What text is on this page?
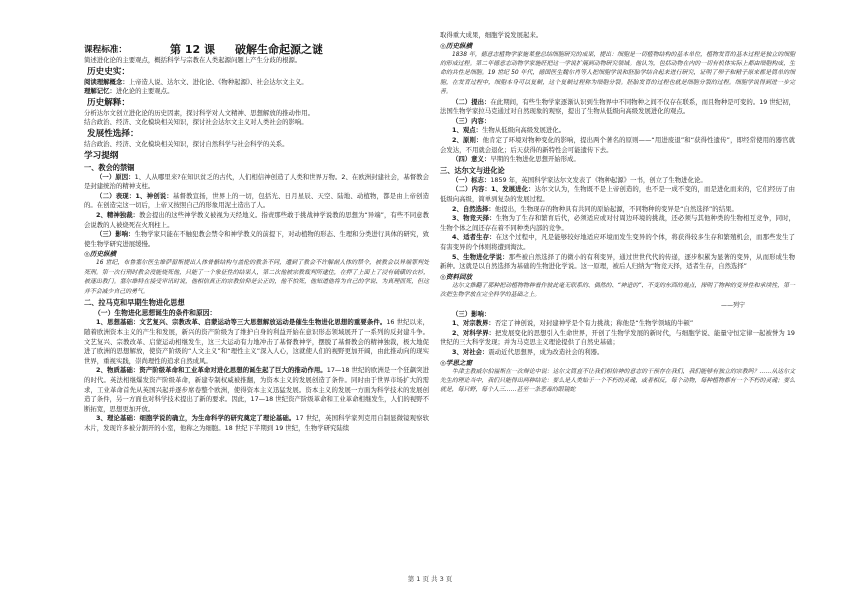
第 12 课 破解生命起源之谜
课程标准：
简述进化论的主要观点，概括科学与宗教在人类起源问题上产生分歧的根源。
历史史实：
阅读理解概念：上帝造人说、达尔文、进化论、《物种起源》、社会达尔文主义。
理解记忆：进化论的主要观点。
历史解释：
分析达尔文创立进化论的历史因素，探讨科学对人文精神、思想解放的推动作用。
结合政治、经济、文化模块相关知识，探讨社会达尔文主义对人类社会的影响。
发展性选择：
结合政治、经济、文化模块相关知识，探讨自然科学与社会科学的关系。
学习提纲
一、教会的禁锢
（一）原因：1、人从哪里来?在知识贫乏的古代，人们相信神创造了人类和世界万物。2、在欧洲封建社会，基督教会是封建统治的精神支柱。
（二）表现：1、神创说：基督教宣扬，世界上的一切，包括光、日月星辰、天空、陆地、动植物，都是由上帝创造的。在创造完这一切后，上帝又按照自己的形象用泥土造出了人。
2、精神独裁：教会提出的这些神学教义被视为天经地义。指责那些敢于挑战神学说教的思想为“异端”，有些不同意教会说教的人被烧死在火刑柱上。
（三）影响：生物学家只能在不触犯教会禁令和神学教义的前提下，对动植物的形态、生理和分类进行具体的研究，致使生物学研究进展缓慢。
◎历史纵横
16 世纪，布鲁塞尔医生维萨留斯提出人体骨骼结构与盖伦的教条不同，遭到了教会不许解剖人体的禁令，被教会以异端罪判处死刑。第一次行刑时教会没能烧死他，只能了一个象征性的结果人，第二次他被宗教裁判所逮住，在押了上面上了浸有硫磺的衣衫，被逐出教门。塞尔维特在接受审讯时说，他相信真正的宗教信仰是公正的，他不怕死，他知道他将为自己的学说、为真理而死，但这并不会减少自己的勇气。
二、拉马克和早期生物进化思想
（一）生物进化思想诞生的条件和原因：
1、思想基础：文艺复兴、宗教改革、启蒙运动等三大思想解放运动是催生生物进化思想的重要条件。16 世纪以来，随着欧洲资本主义的产生和发展，新兴的资产阶级为了维护自身的利益开始在意识形态领域展开了一系列的反封建斗争。文艺复兴、宗教改革、启蒙运动相继发生，这三大运动有力地冲击了基督教神学，摆脱了基督教会的精神独裁，极大地促进了欧洲的思想解放，使资产阶级的“人文主义”和“理性主义”深入人心，这就使人们的视野更加开阔，由此推动向的现实世界，重视实践，崇尚理性的追求自然成风。
2、物质基础：资产阶级革命和工业革命对进化思想的诞生起了巨大的推动作用。17—18 世纪的欧洲是一个狂飙突进的时代。英法相继爆发资产阶级革命，新建专制权威被推翻，为资本主义的发展创造了条件。同时由于世界市场扩大的需求，工业革命首先从英国兴起并逐步席卷整个欧洲，使得资本主义迅猛发展。资本主义的发展一方面为科学技术的发展创造了条件，另一方面也对科学技术提出了新的要求。因此，17—18 世纪资产阶级革命和工业革命相继发生，人们的视野不断拓宽，思想更加开放。
3、理论基础：细胞学说的确立，为生命科学的研究奠定了理论基础。17 世纪，英国科学家列克用自制显微镜观察软木片，发现许多被分割开的小室，他称之为细胞。18 世纪下半期到 19 世纪，生物学研究陆续
取得重大成果，细胞学说发展起来。
◎历史纵横
1838 年，德意志植物学家施莱登总结细胞研究的成果，提出：细胞是一切植物结构的基本单位，植物发育的基本过程是独立的细胞的形成过程。第二年德意志动物学家施旺把这一学说扩展到动物研究领域。他认为，包括动物在内的一切有机体实际上都由细胞构成，生命的共性是细胞。19 世纪 50 年代，德国医生魏尔肖等人把细胞学说和胚胎学结合起来进行研究，证明了卵子和精子原来都是简单的细胞，在发育过程中，细胞本身可以复制，这个复制过程称为细胞分裂。胚胎发育的过程也就是细胞分裂的过程。细胞学说得到进一步完善。
（二）提出：在此期间，有些生物学家逐渐认识到生物界中不同物种之间不仅存在联系，而且物种是可变的。19 世纪初，法国生物学家拉马克通过对自然现象的观察，提出了生物从低级向高级发展进化的观点。
（三）内容：
1、观点：生物从低级向高级发展进化。
2、原则：他肯定了环境对物种变化的影响，提出两个著名的原则——“用进废退”和“获得性遗传”，即经常使用的器官就会发达，不用就会退化；后天获得的新特性会可能遗传下去。
（四）意义：早期的生物进化思想开始形成。
三、达尔文与进化论
（一）标志：1859 年，英国科学家达尔文发表了《物种起源》一书，创立了生物进化论。
（二）内容：1、发展进化：达尔文认为，生物既不是上帝创造的，也不是一成不变的，而是进化而来的，它们经历了由低级向高级，简单到复杂的发展过程。
2、自然选择：他提出，生物现存的物种具有共同的原始起源，不同物种的变异是“自然选择”的结果。
3、物竞天择：生物为了生存和繁育后代，必须适应或对付周边环境的挑战，还必须与其他种类的生物相互竞争，同时，生物个体之间还存在着不同种类内部的竞争。
4、适者生存：在这个过程中，凡是能够较好地适应环境而发生变异的个体，将获得较多生存和繁殖机会，而那些发生了有害变异的个体则将遭到淘汰。
5、生物进化学说：那些被自然选择了的微小的有利变异，通过世世代代的传递，逐步积累为显著的变异，从而形成生物新种。这就是以自然选择为基础的生物进化学说。这一原理，被后人归纳为“物竞天择，适者生存，自然选择”
◎资料回放
达尔文推翻了那种把动植物物种看作彼此毫无联系的、偶然的、“神造的”、不变的东西的观点，探明了物种的变异性和承续性，第一次把生物学放在完全科学的基础之上。
——列宁
（三）影响：
1、对宗教界：否定了神创说，对封建神学是个有力挑战；称他是“生物学领域的牛顿”
2、对科学界：把发展变化的思想引入生命世界，开创了生物学发展的新时代，与细胞学说、能量守恒定律一起被誉为 19 世纪的三大科学发现；并为马克思主义理论提供了自然史基础；
3、对社会：震动近代思想界，成为改造社会的利器。
◎学思之窗
牛津主教威尔伯福斯在一次辩论中说：达尔文简直不让我们相信神的意志的干预存在我们，我们能够有独立的宗教吗？……从达尔文先生的理论当中，我们只能得出两种结论：要么是人类始于一个不朽的灵魂，或者相反，每个动物，每种植物都有一个不朽的灵魂；要么就是，每只野，每个人三……甚至一条恶毒的眼镜蛇
第 1 页 共 3 页
